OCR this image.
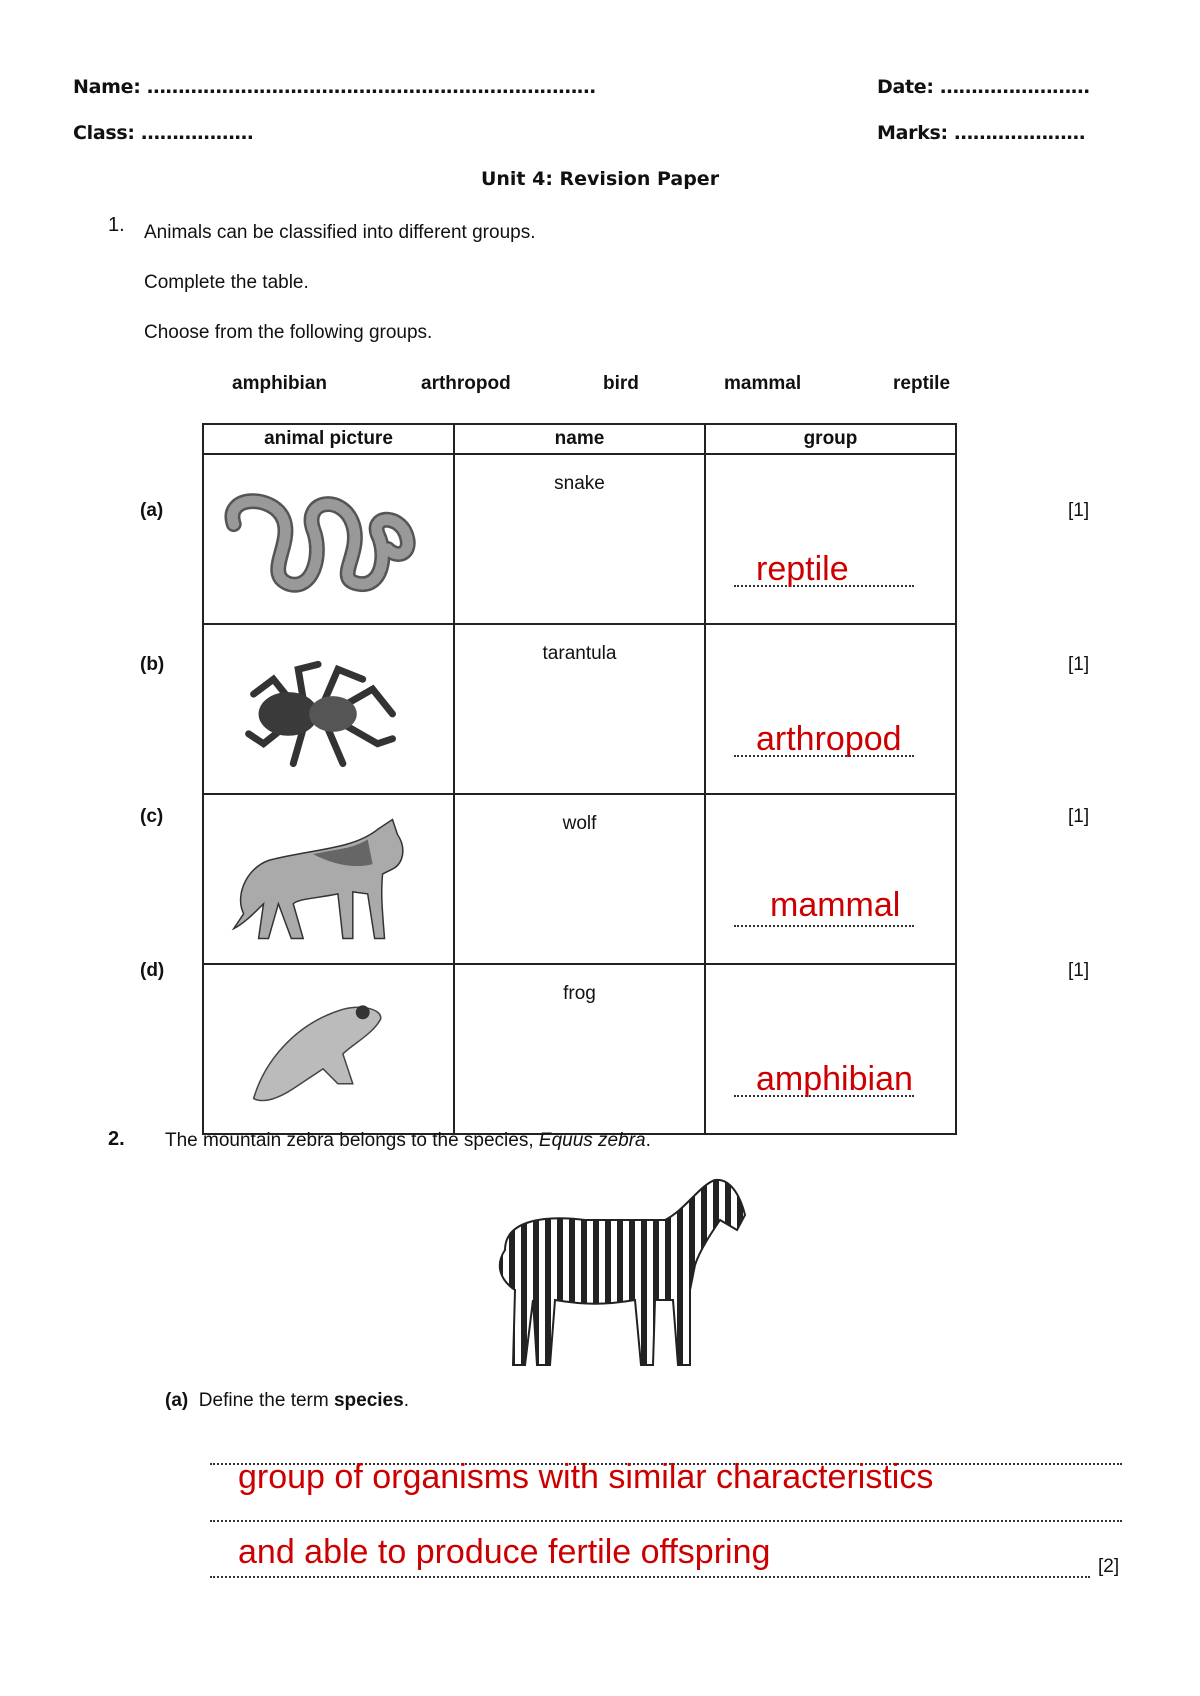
Name: ………………………………………………………………	Date: ……………………
Class: ………………	Marks: …………………
Unit 4: Revision Paper
1. Animals can be classified into different groups.
Complete the table.
Choose from the following groups.
amphibian	arthropod	bird	mammal	reptile
(a)
(b)
(c)
(d)
[1]
[1]
[1]
[1]
animal picture	name	group

	snake	reptile

	tarantula	arthropod

	wolf	mammal

	frog	amphibian
2. The mountain zebra belongs to the species, Equus zebra.
(a) Define the term species.
group of organisms with similar characteristics
and able to produce fertile offspring	[2]
